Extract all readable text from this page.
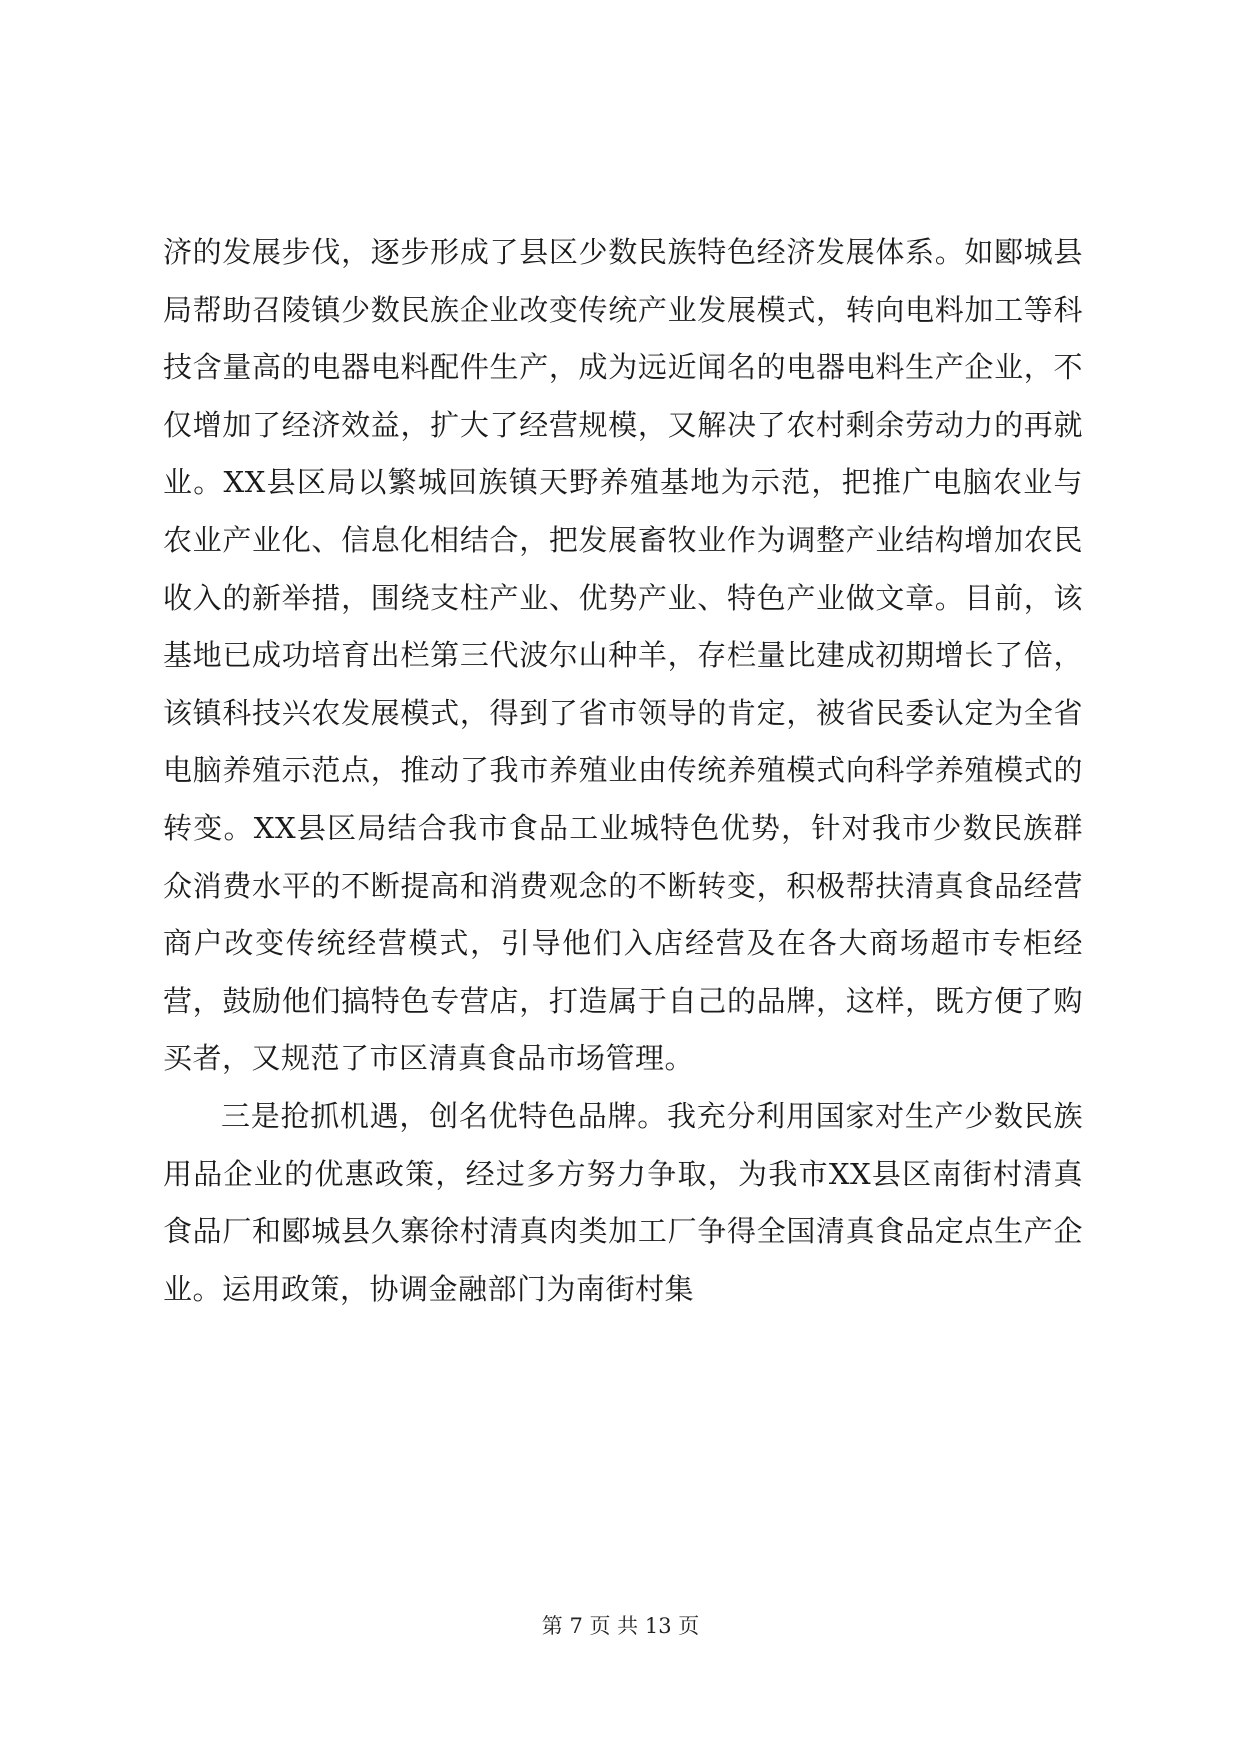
济的发展步伐，逐步形成了县区少数民族特色经济发展体系。如郾城县局帮助召陵镇少数民族企业改变传统产业发展模式，转向电料加工等科技含量高的电器电料配件生产，成为远近闻名的电器电料生产企业，不仅增加了经济效益，扩大了经营规模，又解决了农村剩余劳动力的再就业。XX县区局以繁城回族镇天野养殖基地为示范，把推广电脑农业与农业产业化、信息化相结合，把发展畜牧业作为调整产业结构增加农民收入的新举措，围绕支柱产业、优势产业、特色产业做文章。目前，该基地已成功培育出栏第三代波尔山种羊，存栏量比建成初期增长了倍，该镇科技兴农发展模式，得到了省市领导的肯定，被省民委认定为全省电脑养殖示范点，推动了我市养殖业由传统养殖模式向科学养殖模式的转变。XX县区局结合我市食品工业城特色优势，针对我市少数民族群众消费水平的不断提高和消费观念的不断转变，积极帮扶清真食品经营商户改变传统经营模式，引导他们入店经营及在各大商场超市专柜经营，鼓励他们搞特色专营店，打造属于自己的品牌，这样，既方便了购买者，又规范了市区清真食品市场管理。

三是抢抓机遇，创名优特色品牌。我充分利用国家对生产少数民族用品企业的优惠政策，经过多方努力争取，为我市XX县区南街村清真食品厂和郾城县久寨徐村清真肉类加工厂争得全国清真食品定点生产企业。运用政策，协调金融部门为南街村集

第 7 页 共 13 页
